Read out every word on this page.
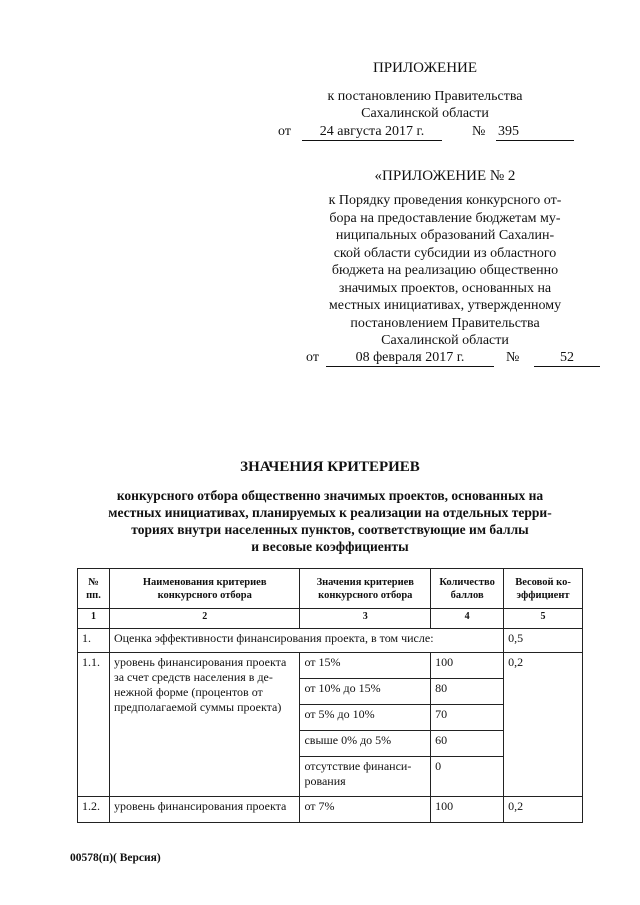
ПРИЛОЖЕНИЕ
к постановлению Правительства
Сахалинской области
от	24 августа 2017 г.	№ 395
«ПРИЛОЖЕНИЕ № 2
к Порядку проведения конкурсного от-
бора на предоставление бюджетам му-
ниципальных образований Сахалин-
ской области субсидии из областного
бюджета на реализацию общественно
значимых проектов, основанных на
местных инициативах, утвержденному
постановлением Правительства
Сахалинской области
от	08 февраля 2017 г.	№	52
ЗНАЧЕНИЯ КРИТЕРИЕВ
конкурсного отбора общественно значимых проектов, основанных на
местных инициативах, планируемых к реализации на отдельных терри-
ториях внутри населенных пунктов, соответствующие им баллы
и весовые коэффициенты
№ пп.	Наименования критериев конкурсного отбора	Значения критериев конкурсного отбора	Количество баллов	Весовой ко- эффициент
1	2	3	4	5
1.	Оценка эффективности финансирования проекта, в том числе:			0,5
1.1.	уровень финансирования проекта за счет средств населения в де- нежной форме (процентов от предполагаемой суммы проекта)	от 15%	100	0,2
		от 10% до 15%	80	
		от 5% до 10%	70	
		свыше 0% до 5%	60	
		отсутствие финанси- рования	0	
1.2.	уровень финансирования проекта	от 7%	100	0,2
00578(п)( Версия)
